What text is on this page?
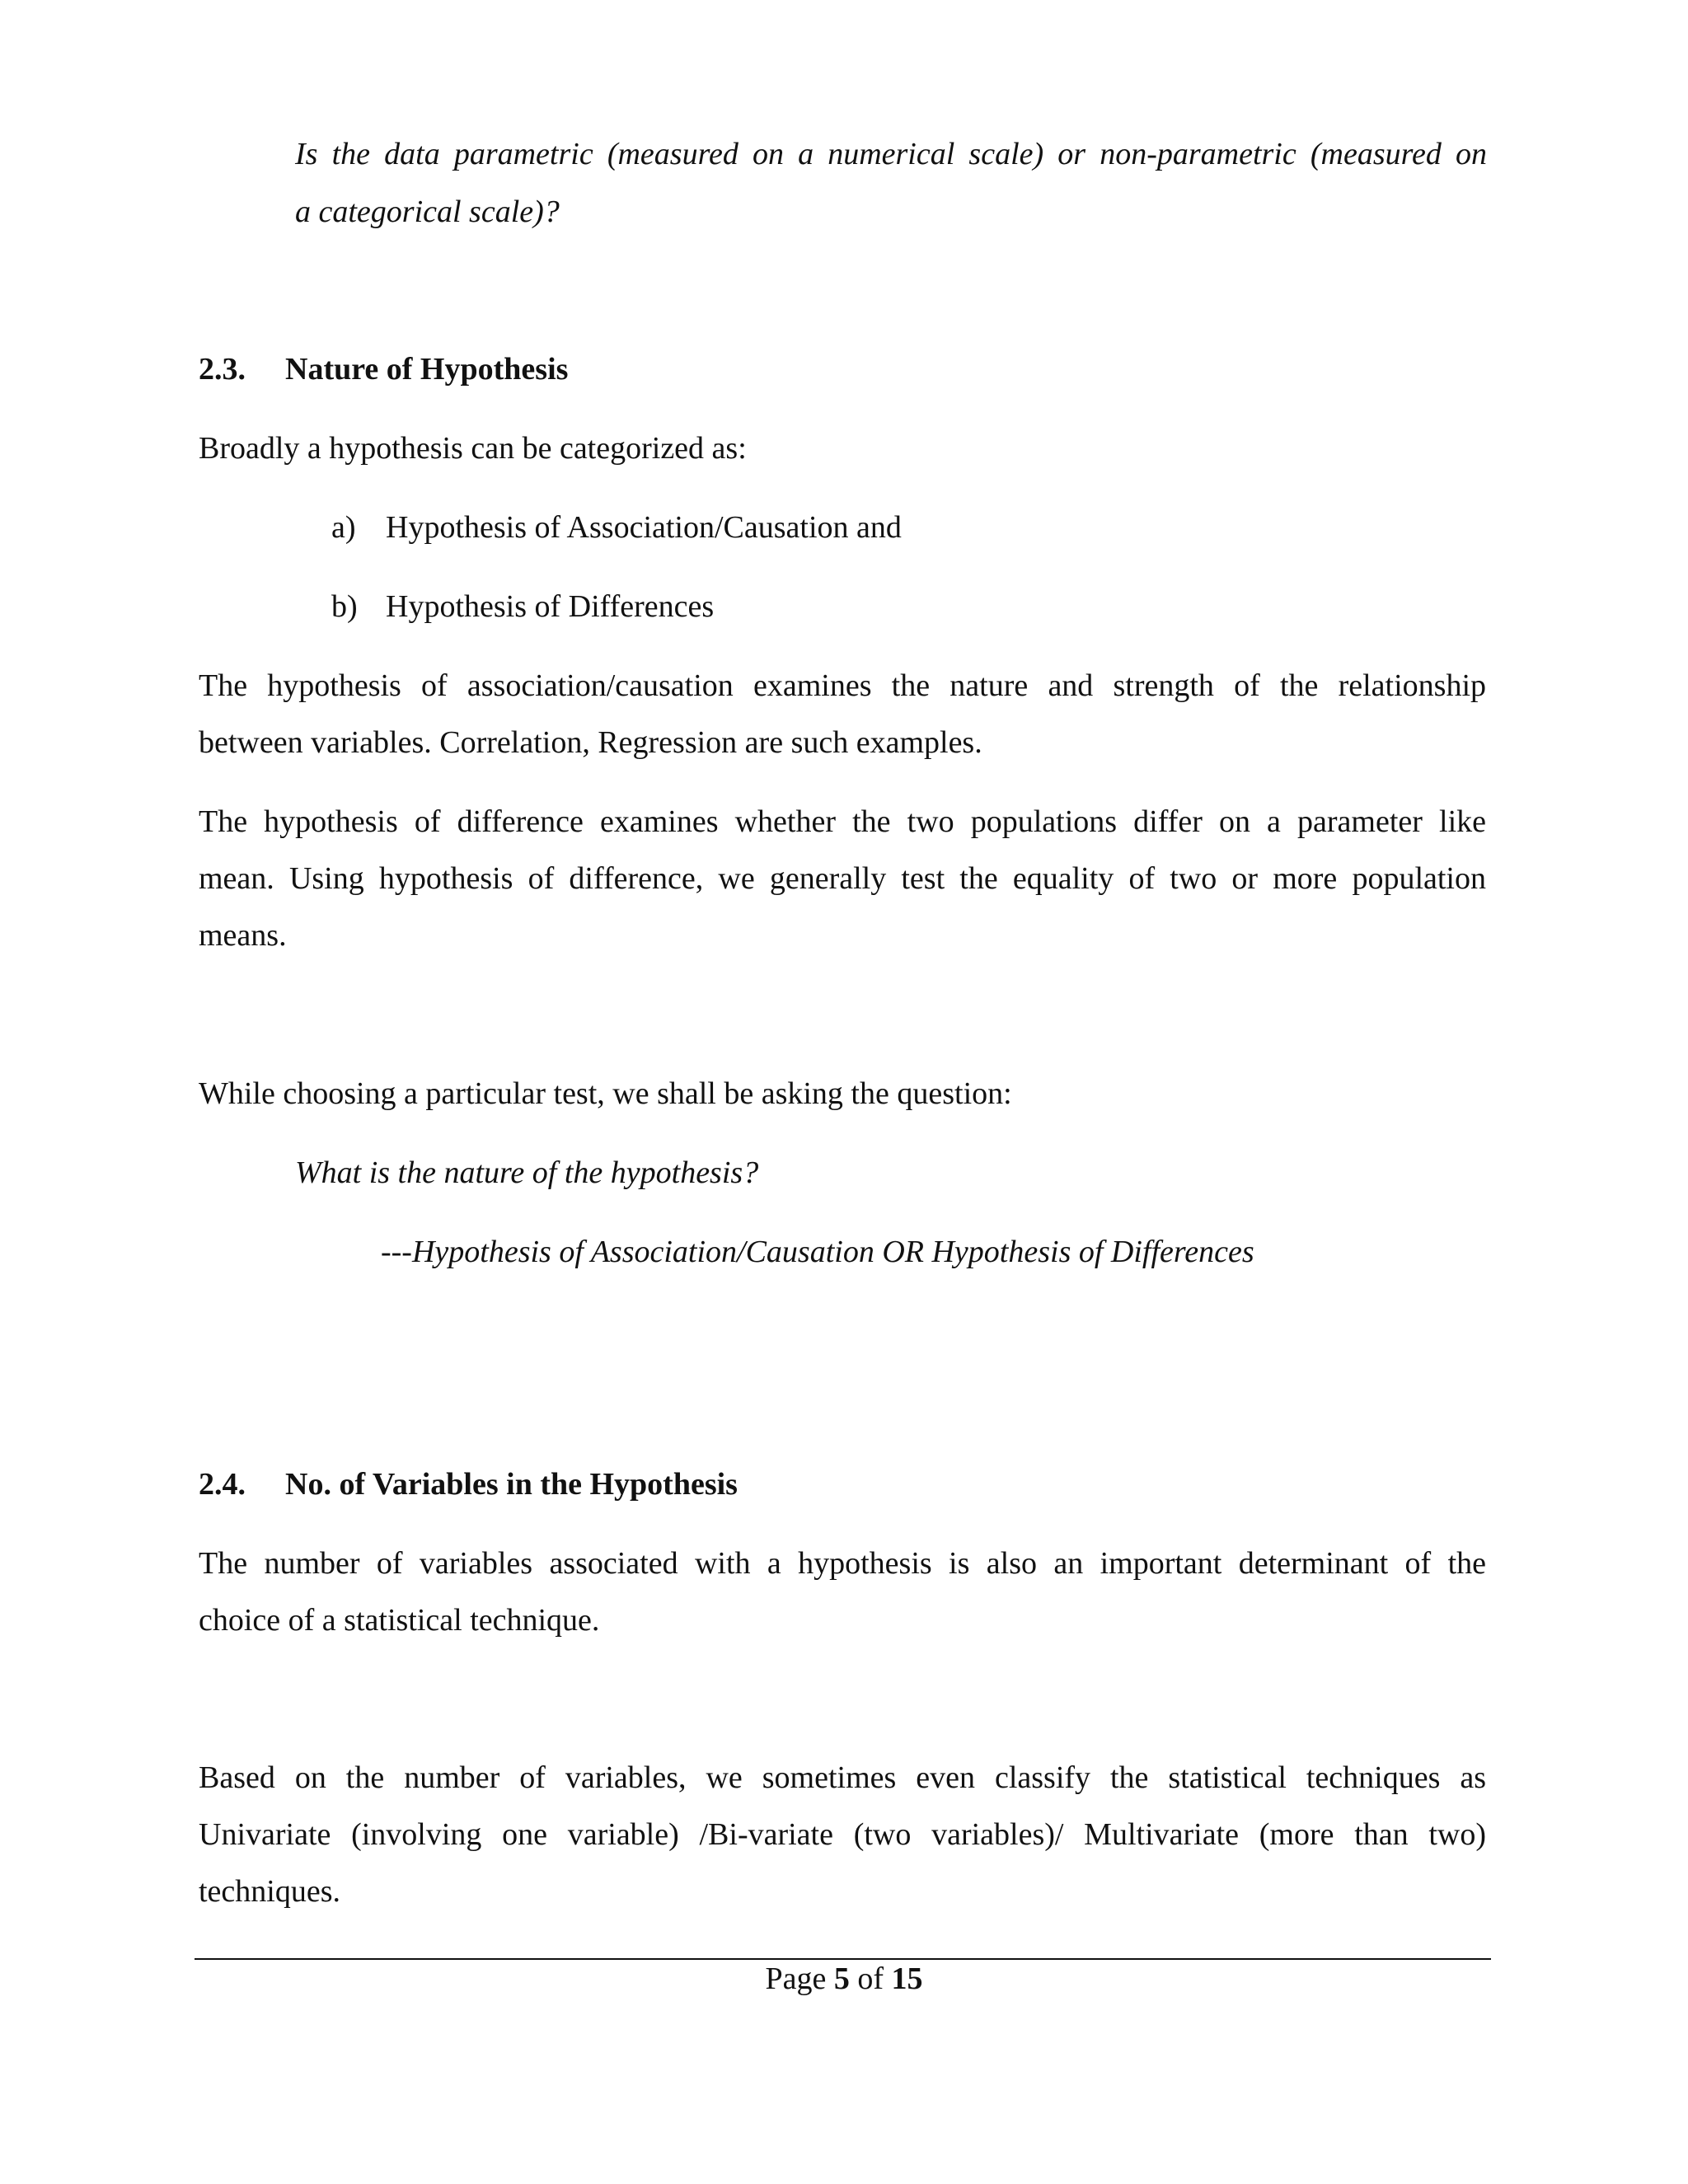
Is the data parametric (measured on a numerical scale) or non-parametric (measured on
a categorical scale)?
2.3. Nature of Hypothesis
Broadly a hypothesis can be categorized as:
a) Hypothesis of Association/Causation and
b) Hypothesis of Differences
The hypothesis of association/causation examines the nature and strength of the relationship
between variables. Correlation, Regression are such examples.
The hypothesis of difference examines whether the two populations differ on a parameter like
mean. Using hypothesis of difference, we generally test the equality of two or more population
means.
While choosing a particular test, we shall be asking the question:
What is the nature of the hypothesis?
---Hypothesis of Association/Causation OR Hypothesis of Differences
2.4. No. of Variables in the Hypothesis
The number of variables associated with a hypothesis is also an important determinant of the
choice of a statistical technique.
Based on the number of variables, we sometimes even classify the statistical techniques as
Univariate (involving one variable) /Bi-variate (two variables)/ Multivariate (more than two)
techniques.
Page 5 of 15
